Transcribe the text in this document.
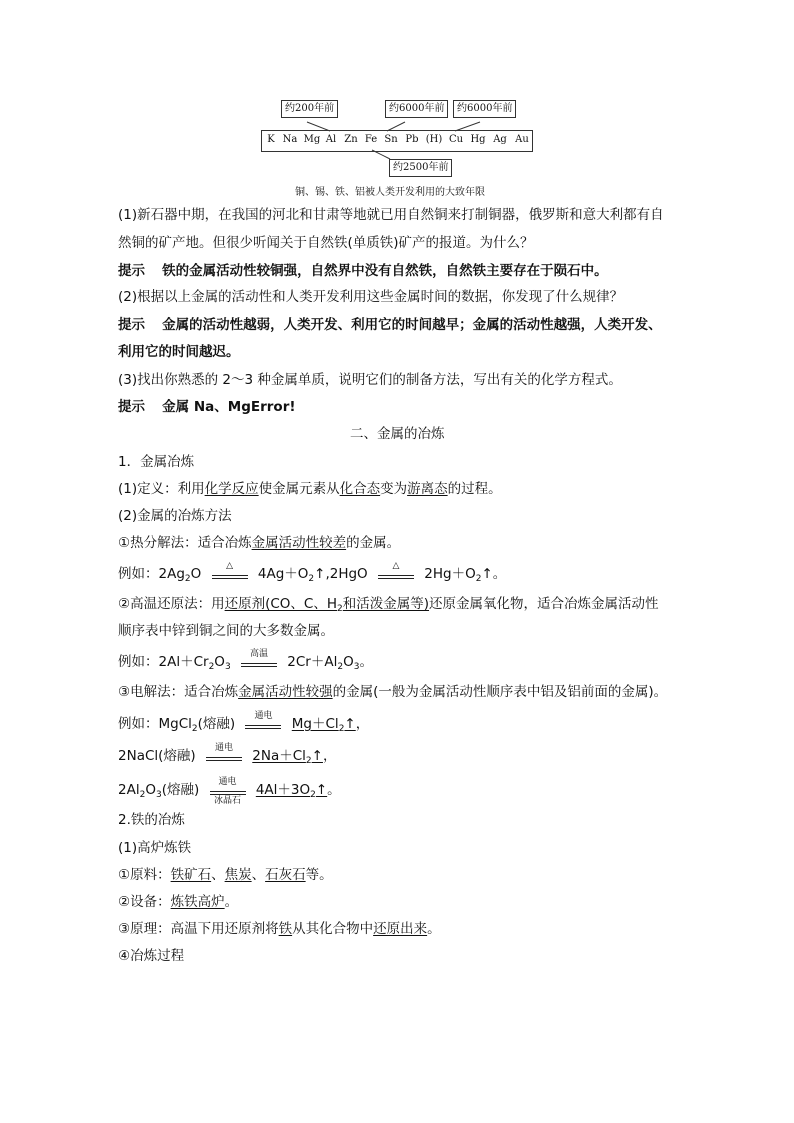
约200年前	约6000年前	约6000年前
约2500年前
K Na Mg Al Zn Fe Sn Pb (H) Cu Hg Ag Au
铜、锡、铁、铝被人类开发利用的大致年限
(1)新石器中期，在我国的河北和甘肃等地就已用自然铜来打制铜器，俄罗斯和意大利都有自
然铜的矿产地。但很少听闻关于自然铁(单质铁)矿产的报道。为什么？
提示 铁的金属活动性较铜强，自然界中没有自然铁，自然铁主要存在于陨石中。
(2)根据以上金属的活动性和人类开发利用这些金属时间的数据，你发现了什么规律？
提示 金属的活动性越弱，人类开发、利用它的时间越早；金属的活动性越强，人类开发、
利用它的时间越迟。
(3)找出你熟悉的 2～3 种金属单质，说明它们的制备方法，写出有关的化学方程式。
提示 金属 Na、MgError!
二、金属的冶炼
1．金属冶炼
(1)定义：利用化学反应使金属元素从化合态变为游离态的过程。
(2)金属的冶炼方法
①热分解法：适合冶炼金属活动性较差的金属。
例如：$2Ag_2O$	△	$4Ag+O_2↑,2HgO$	△	$2Hg+O_2↑$。
②高温还原法：用还原剂(CO、C、$H_2$和活泼金属等)还原金属氧化物，适合冶炼金属活动性
顺序表中锌到铜之间的大多数金属。
例如：$2Al+Cr_2O_3$
高温	$2Cr+Al_2O_3$。
③电解法：适合冶炼金属活动性较强的金属(一般为金属活动性顺序表中铝及铝前面的金属)。
例如：MgCl$_2$(熔融)	通电	$Mg+Cl_2↑$，
2NaCl(熔融)	通电	$2Na+Cl_2↑$，
$2Al_2O_3$(熔融)	通电
冰晶石
$4Al+3O_2↑$。
2.铁的冶炼
(1)高炉炼铁
①原料：铁矿石、焦炭、石灰石等。
②设备：炼铁高炉。
③原理：高温下用还原剂将铁从其化合物中还原出来。
④冶炼过程
